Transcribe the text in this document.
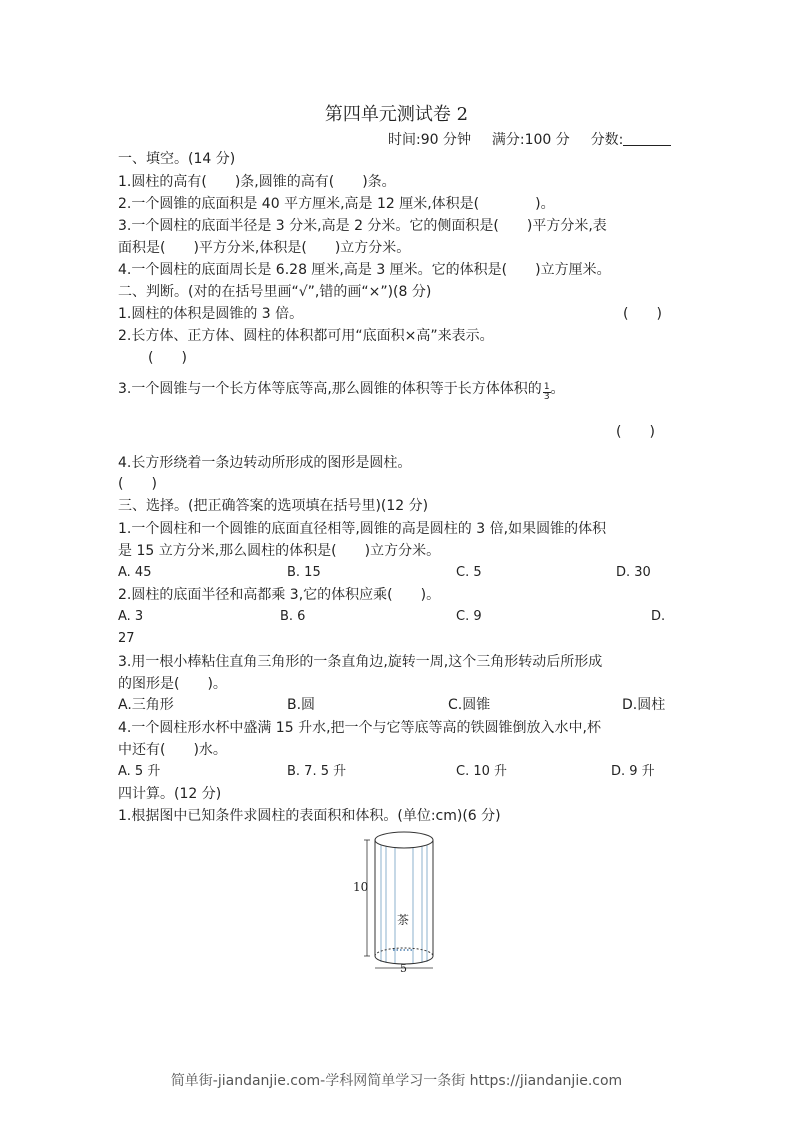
第四单元测试卷 2
时间:90 分钟 满分:100 分 分数:
一、填空。(14 分)
1.圆柱的高有(　　)条,圆锥的高有(　　)条。
2.一个圆锥的底面积是 40 平方厘米,高是 12 厘米,体积是(　　　　)。
3.一个圆柱的底面半径是 3 分米,高是 2 分米。它的侧面积是(　　)平方分米,表
面积是(　　)平方分米,体积是(　　)立方分米。
4.一个圆柱的底面周长是 6.28 厘米,高是 3 厘米。它的体积是(　　)立方厘米。
二、判断。(对的在括号里画“√”,错的画“×”)(8 分)
1.圆柱的体积是圆锥的 3 倍。	(　　)
2.长方体、正方体、圆柱的体积都可用“底面积×高”来表示。
(　　)
3.一个圆锥与一个长方体等底等高,那么圆锥的体积等于长方体体积的 $\frac{1}{3}$ 。
(　　)
4.长方形绕着一条边转动所形成的图形是圆柱。
(　　)
三、选择。(把正确答案的选项填在括号里)(12 分)
1.一个圆柱和一个圆锥的底面直径相等,圆锥的高是圆柱的 3 倍,如果圆锥的体积
是 15 立方分米,那么圆柱的体积是(　　)立方分米。
A. 45	B. 15	C. 5	D. 30
2.圆柱的底面半径和高都乘 3,它的体积应乘(　　)。
A. 3	B. 6	C. 9	D.
27
3.用一根小棒粘住直角三角形的一条直角边,旋转一周,这个三角形转动后所形成
的图形是(　　)。
A.三角形	B.圆	C.圆锥	D.圆柱
4.一个圆柱形水杯中盛满 15 升水,把一个与它等底等高的铁圆锥倒放入水中,杯
中还有(　　)水。
A. 5 升	B. 7. 5 升	C. 10 升	D. 9 升
四计算。(12 分)
1.根据图中已知条件求圆柱的表面积和体积。(单位:cm)(6 分)
10
5
茶
简单街-jiandanjie.com-学科网简单学习一条街 https://jiandanjie.com
